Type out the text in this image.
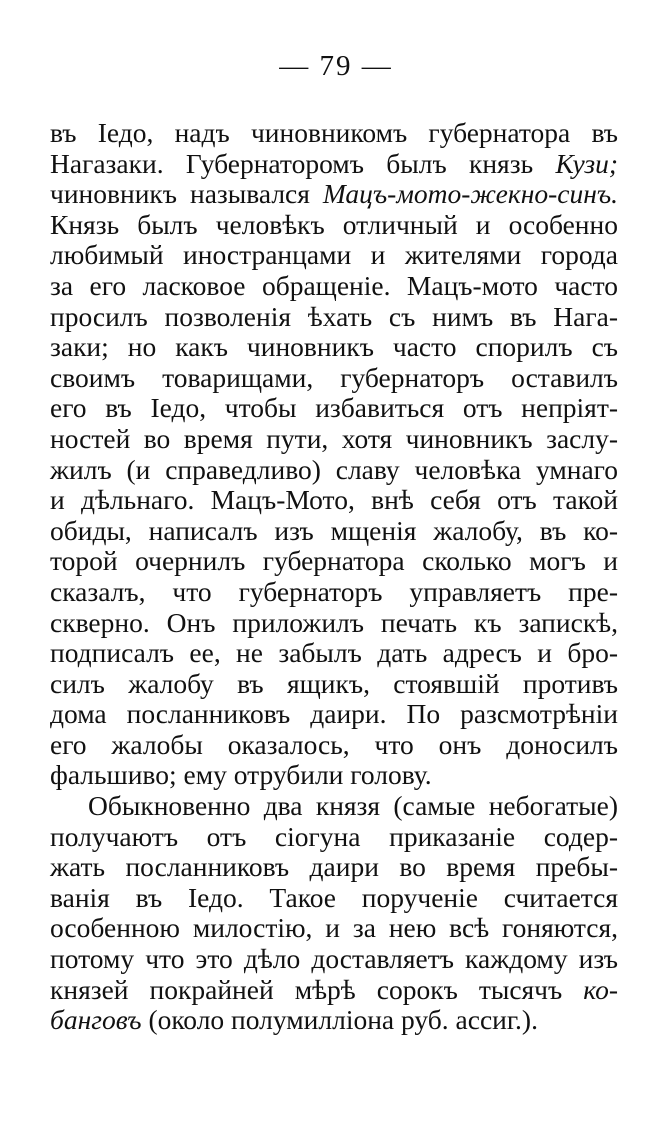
— 79 —
въ Іедо, надъ чиновникомъ губернатора въ
Нагазаки. Губернаторомъ былъ князь Кузи;
чиновникъ назывался Мацъ-мото-жекно-синъ.
Князь былъ человѣкъ отличный и особенно
любимый иностранцами и жителями города
за его ласковое обращеніе. Мацъ-мото часто
просилъ позволенія ѣхать съ нимъ въ Нага-
заки; но какъ чиновникъ часто спорилъ съ
своимъ товарищами, губернаторъ оставилъ
его въ Іедо, чтобы избавиться отъ непріят-
ностей во время пути, хотя чиновникъ заслу-
жилъ (и справедливо) славу человѣка умнаго
и дѣльнаго. Мацъ-Мото, внѣ себя отъ такой
обиды, написалъ изъ мщенія жалобу, въ ко-
торой очернилъ губернатора сколько могъ и
сказалъ, что губернаторъ управляетъ пре-
скверно. Онъ приложилъ печать къ запискѣ,
подписалъ ее, не забылъ дать адресъ и бро-
силъ жалобу въ ящикъ, стоявшій противъ
дома посланниковъ даири. По разсмотрѣніи
его жалобы оказалось, что онъ доносилъ
фальшиво; ему отрубили голову.
Обыкновенно два князя (самые небогатые)
получаютъ отъ сіогуна приказаніе содер-
жать посланниковъ даири во время пребы-
ванія въ Іедо. Такое порученіе считается
особенною милостію, и за нею всѣ гоняются,
потому что это дѣло доставляетъ каждому изъ
князей покрайней мѣрѣ сорокъ тысячъ ко-
банговъ (около полумилліона руб. ассиг.).
